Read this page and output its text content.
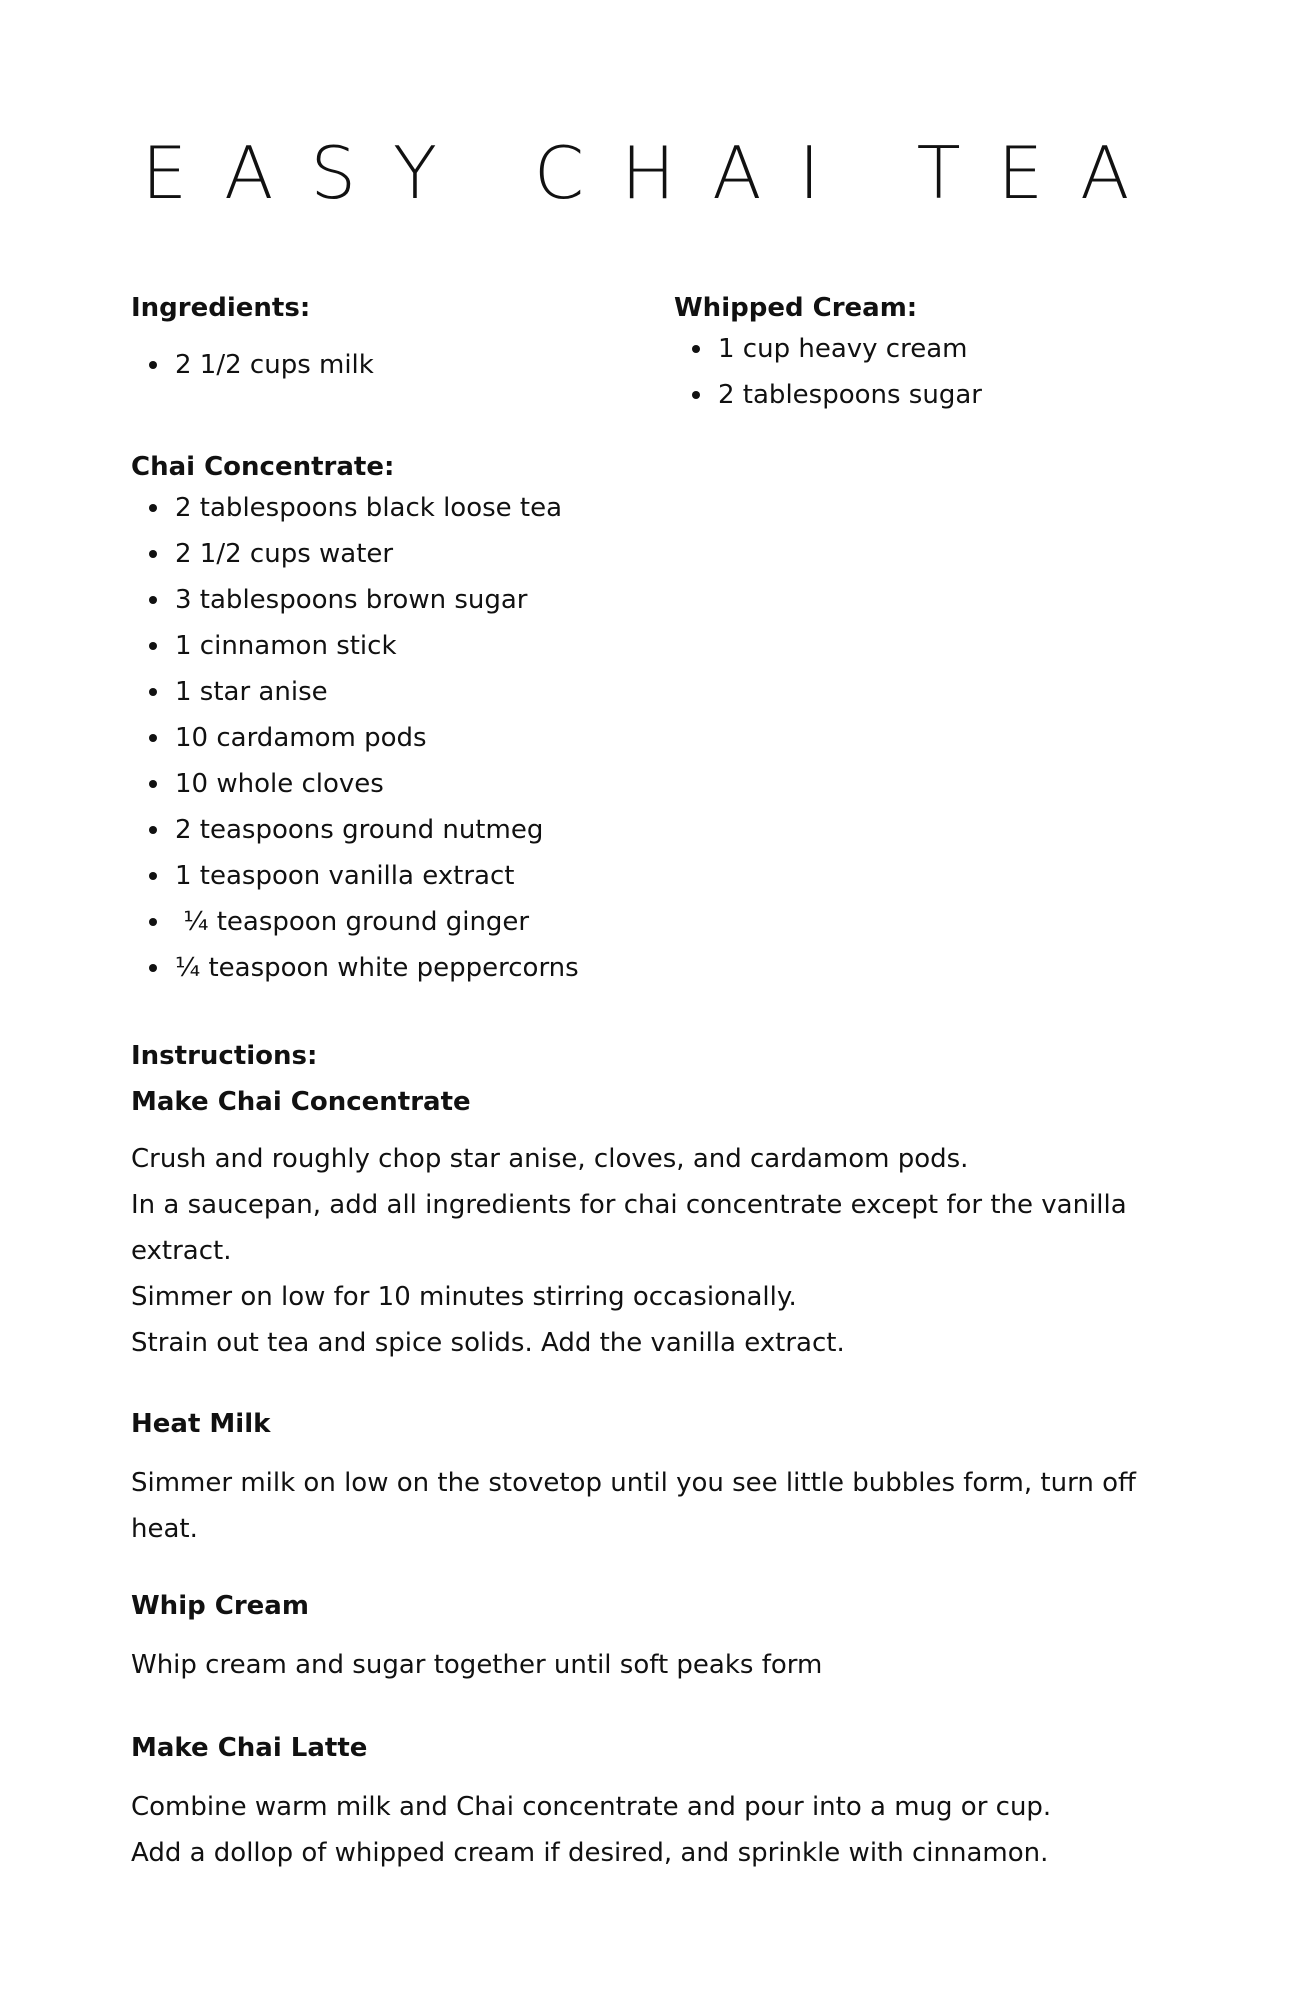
EASY CHAI TEA

Ingredients:

2 1/2 cups milk

Whipped Cream:

1 cup heavy cream
2 tablespoons sugar

Chai Concentrate:

2 tablespoons black loose tea
2 1/2 cups water
3 tablespoons brown sugar
1 cinnamon stick
1 star anise
10 cardamom pods
10 whole cloves
2 teaspoons ground nutmeg
1 teaspoon vanilla extract
¼ teaspoon ground ginger
¼ teaspoon white peppercorns

Instructions:

Make Chai Concentrate

Crush and roughly chop star anise, cloves, and cardamom pods.

In a saucepan, add all ingredients for chai concentrate except for the vanilla

extract.

Simmer on low for 10 minutes stirring occasionally.

Strain out tea and spice solids. Add the vanilla extract.

Heat Milk

Simmer milk on low on the stovetop until you see little bubbles form, turn off

heat.

Whip Cream

Whip cream and sugar together until soft peaks form

Make Chai Latte

Combine warm milk and Chai concentrate and pour into a mug or cup.

Add a dollop of whipped cream if desired, and sprinkle with cinnamon.
